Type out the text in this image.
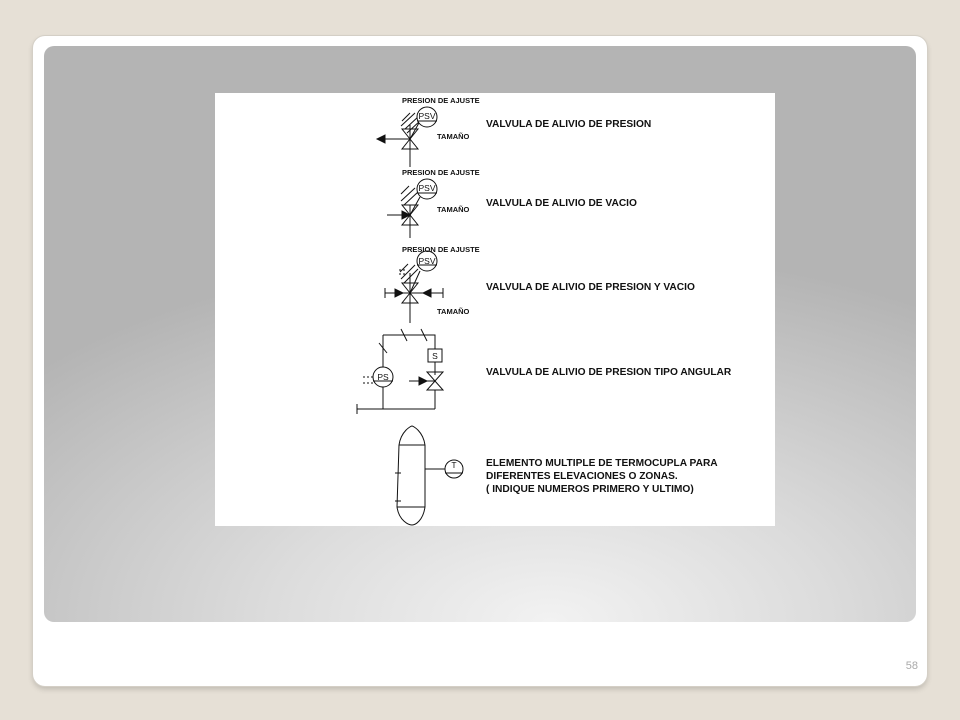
PSV
PRESION DE AJUSTE
TAMAÑO
VALVULA DE ALIVIO DE PRESION
PSV
PRESION DE AJUSTE
TAMAÑO
VALVULA DE ALIVIO DE VACIO
PSV
PRESION DE AJUSTE
TAMAÑO
VALVULA DE ALIVIO DE PRESION Y VACIO
PS
S
VALVULA DE ALIVIO DE PRESION TIPO ANGULAR
T	ELEMENTO MULTIPLE DE TERMOCUPLA PARA
DIFERENTES ELEVACIONES O ZONAS.
( INDIQUE NUMEROS PRIMERO Y ULTIMO)
58
